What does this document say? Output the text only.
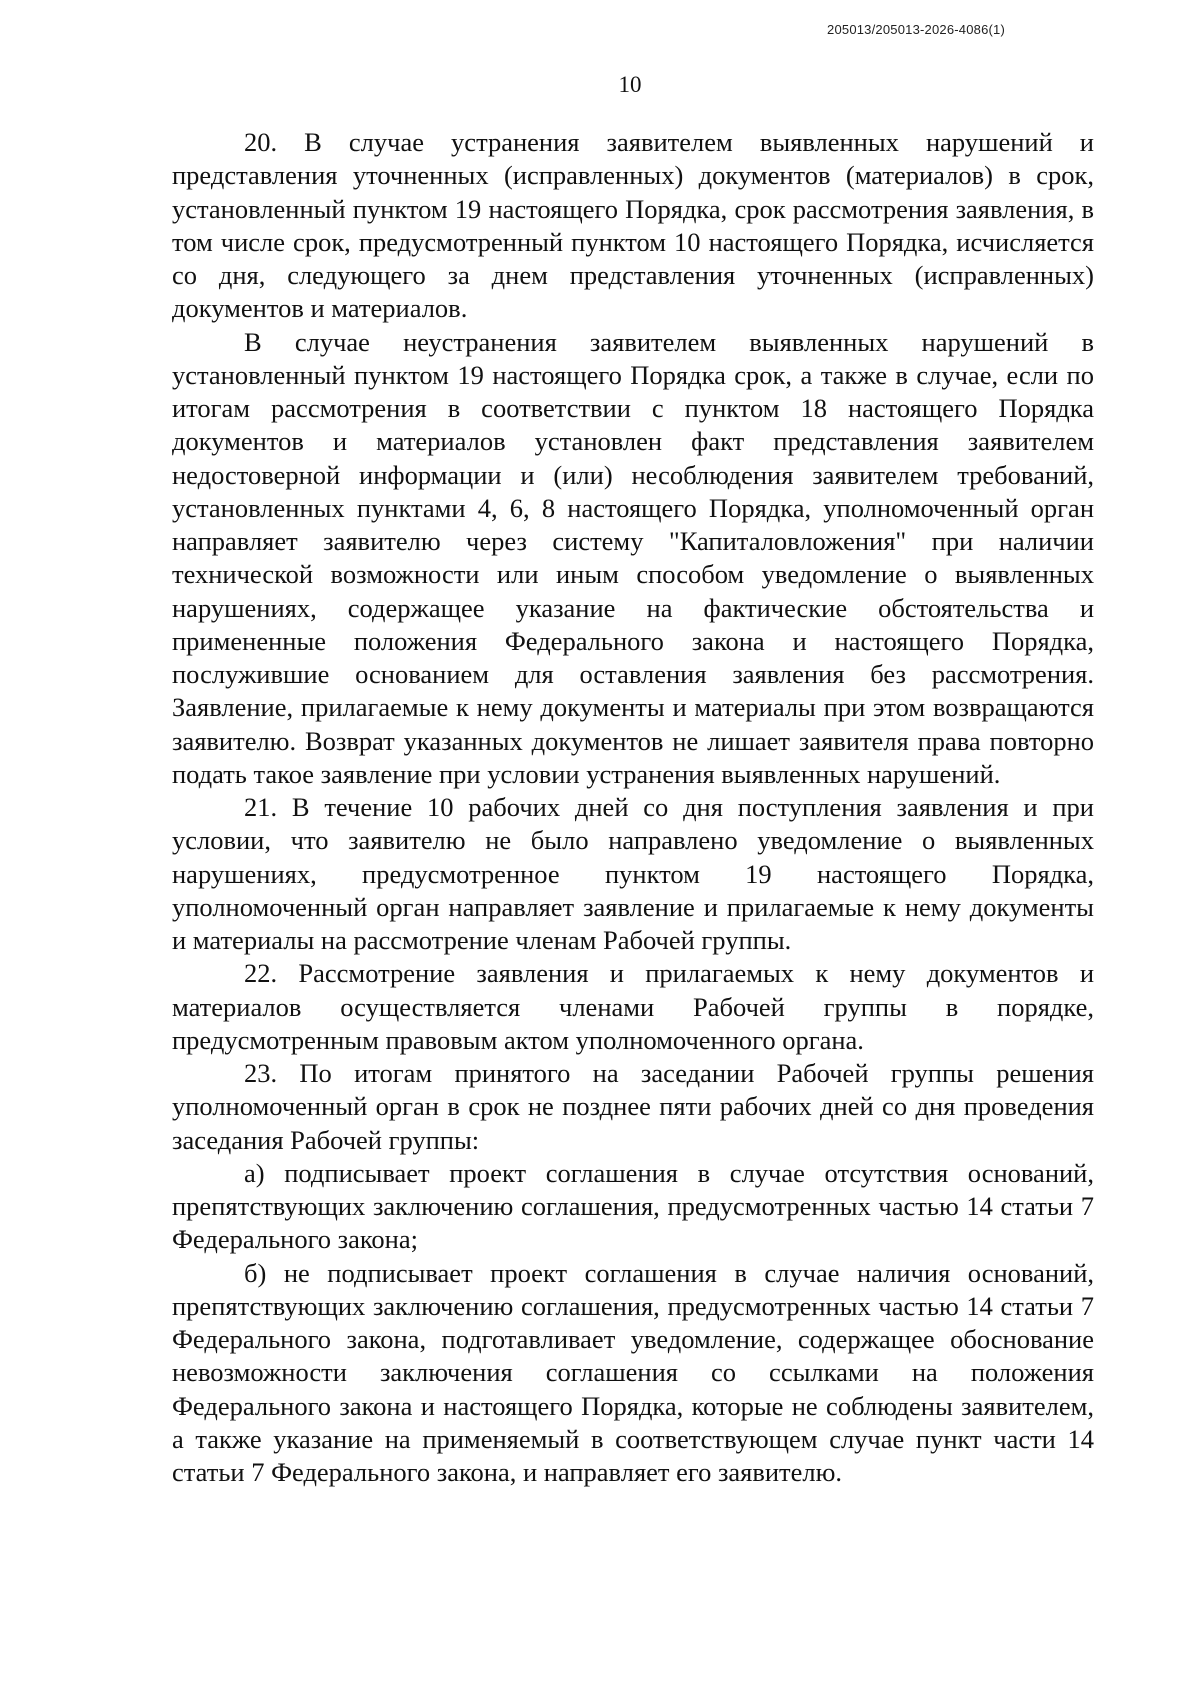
205013/205013-2026-4086(1)
10

20. В случае устранения заявителем выявленных нарушений и представления уточненных (исправленных) документов (материалов) в срок, установленный пунктом 19 настоящего Порядка, срок рассмотрения заявления, в том числе срок, предусмотренный пунктом 10 настоящего Порядка, исчисляется со дня, следующего за днем представления уточненных (исправленных) документов и материалов.

В случае неустранения заявителем выявленных нарушений в установленный пунктом 19 настоящего Порядка срок, а также в случае, если по итогам рассмотрения в соответствии с пунктом 18 настоящего Порядка документов и материалов установлен факт представления заявителем недостоверной информации и (или) несоблюдения заявителем требований, установленных пунктами 4, 6, 8 настоящего Порядка, уполномоченный орган направляет заявителю через систему "Капиталовложения" при наличии технической возможности или иным способом уведомление о выявленных нарушениях, содержащее указание на фактические обстоятельства и примененные положения Федерального закона и настоящего Порядка, послужившие основанием для оставления заявления без рассмотрения. Заявление, прилагаемые к нему документы и материалы при этом возвращаются заявителю. Возврат указанных документов не лишает заявителя права повторно подать такое заявление при условии устранения выявленных нарушений.

21. В течение 10 рабочих дней со дня поступления заявления и при условии, что заявителю не было направлено уведомление о выявленных нарушениях, предусмотренное пунктом 19 настоящего Порядка, уполномоченный орган направляет заявление и прилагаемые к нему документы и материалы на рассмотрение членам Рабочей группы.

22. Рассмотрение заявления и прилагаемых к нему документов и материалов осуществляется членами Рабочей группы в порядке, предусмотренным правовым актом уполномоченного органа.

23. По итогам принятого на заседании Рабочей группы решения уполномоченный орган в срок не позднее пяти рабочих дней со дня проведения заседания Рабочей группы:

а) подписывает проект соглашения в случае отсутствия оснований, препятствующих заключению соглашения, предусмотренных частью 14 статьи 7 Федерального закона;

б) не подписывает проект соглашения в случае наличия оснований, препятствующих заключению соглашения, предусмотренных частью 14 статьи 7 Федерального закона, подготавливает уведомление, содержащее обоснование невозможности заключения соглашения со ссылками на положения Федерального закона и настоящего Порядка, которые не соблюдены заявителем, а также указание на применяемый в соответствующем случае пункт части 14 статьи 7 Федерального закона, и направляет его заявителю.
